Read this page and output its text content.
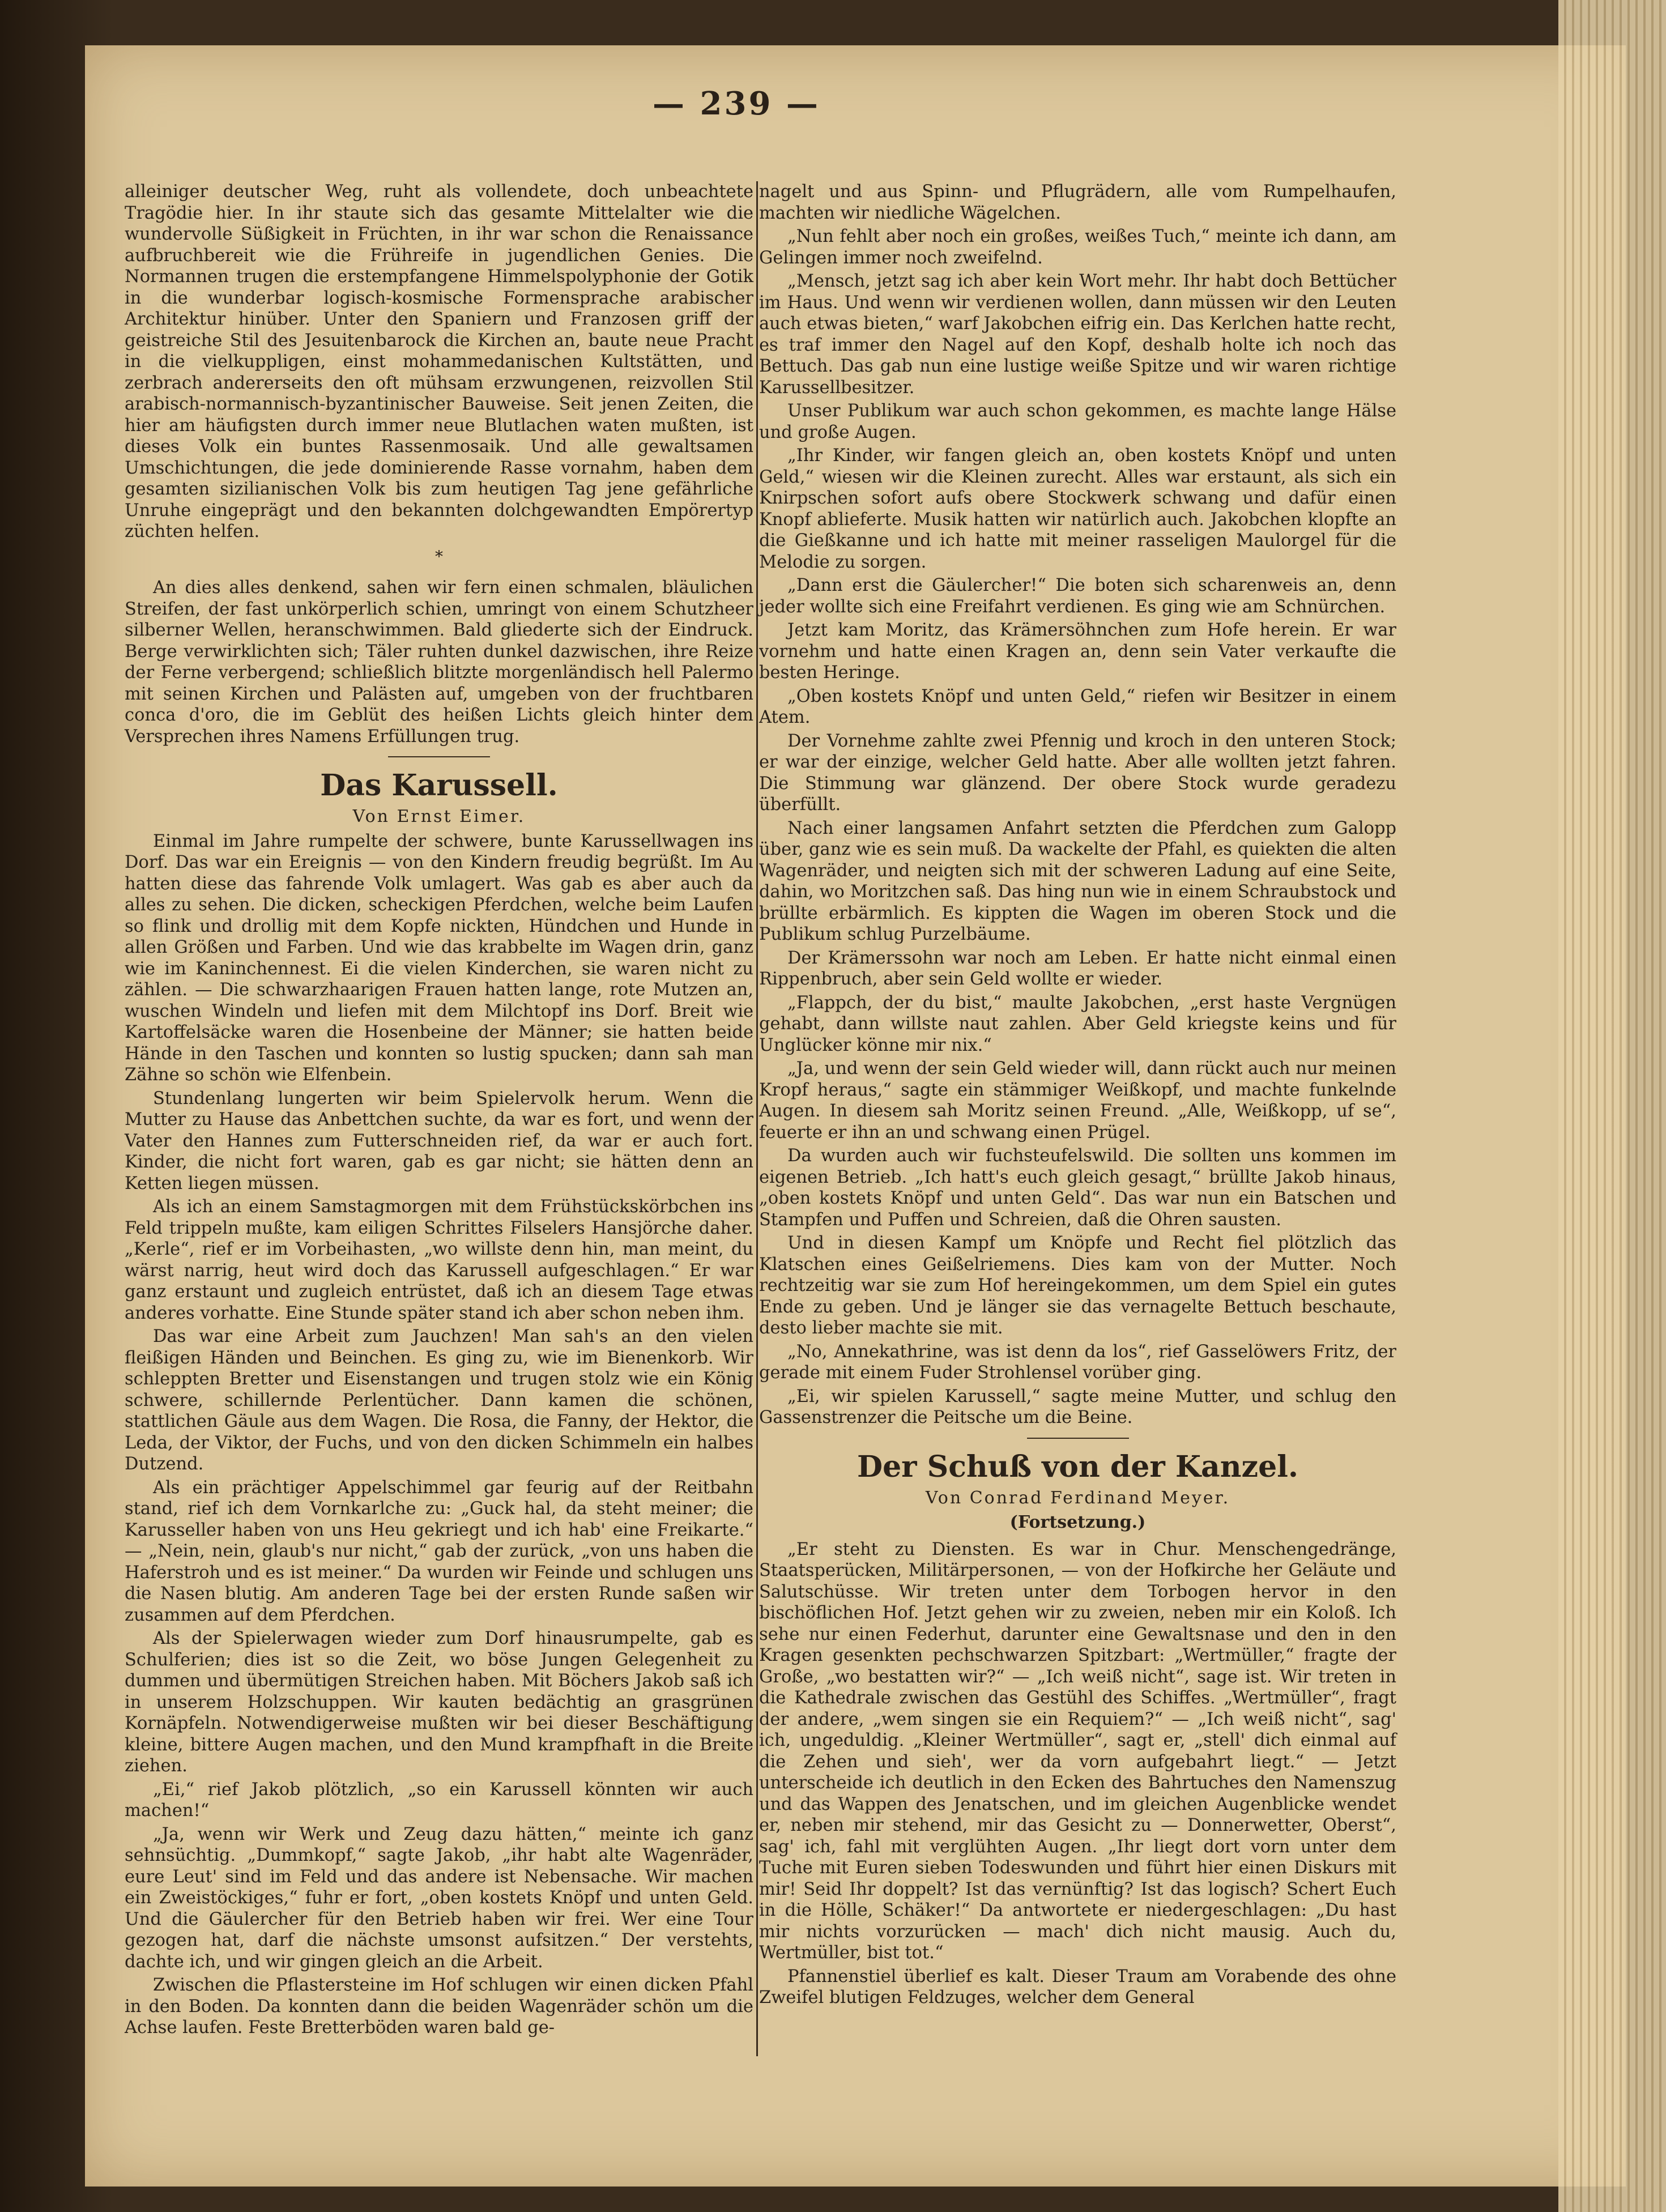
— 239 —

alleiniger deutscher Weg, ruht als vollendete, doch unbeachtete Tragödie hier. In ihr staute sich das gesamte Mittelalter wie die wundervolle Süßigkeit in Früchten, in ihr war schon die Renaissance aufbruchbereit wie die Frühreife in jugendlichen Genies. Die Normannen trugen die erstempfangene Himmelspolyphonie der Gotik in die wunderbar logisch-kosmische Formensprache arabischer Architektur hinüber. Unter den Spaniern und Franzosen griff der geistreiche Stil des Jesuitenbarock die Kirchen an, baute neue Pracht in die vielkuppligen, einst mohammedanischen Kultstätten, und zerbrach andererseits den oft mühsam erzwungenen, reizvollen Stil arabisch-normannisch-byzantinischer Bauweise. Seit jenen Zeiten, die hier am häufigsten durch immer neue Blutlachen waten mußten, ist dieses Volk ein buntes Rassenmosaik. Und alle gewaltsamen Umschichtungen, die jede dominierende Rasse vornahm, haben dem gesamten sizilianischen Volk bis zum heutigen Tag jene gefährliche Unruhe eingeprägt und den bekannten dolchgewandten Empörertyp züchten helfen.

*

An dies alles denkend, sahen wir fern einen schmalen, bläulichen Streifen, der fast unkörperlich schien, umringt von einem Schutzheer silberner Wellen, heranschwimmen. Bald gliederte sich der Eindruck. Berge verwirklichten sich; Täler ruhten dunkel dazwischen, ihre Reize der Ferne verbergend; schließlich blitzte morgenländisch hell Palermo mit seinen Kirchen und Palästen auf, umgeben von der fruchtbaren conca d'oro, die im Geblüt des heißen Lichts gleich hinter dem Versprechen ihres Namens Erfüllungen trug.

Das Karussell.
Von Ernst Eimer.

Einmal im Jahre rumpelte der schwere, bunte Karussellwagen ins Dorf. Das war ein Ereignis — von den Kindern freudig begrüßt. Im Au hatten diese das fahrende Volk umlagert. Was gab es aber auch da alles zu sehen. Die dicken, scheckigen Pferdchen, welche beim Laufen so flink und drollig mit dem Kopfe nickten, Hündchen und Hunde in allen Größen und Farben. Und wie das krabbelte im Wagen drin, ganz wie im Kaninchennest. Ei die vielen Kinderchen, sie waren nicht zu zählen. — Die schwarzhaarigen Frauen hatten lange, rote Mutzen an, wuschen Windeln und liefen mit dem Milchtopf ins Dorf. Breit wie Kartoffelsäcke waren die Hosenbeine der Männer; sie hatten beide Hände in den Taschen und konnten so lustig spucken; dann sah man Zähne so schön wie Elfenbein.

Stundenlang lungerten wir beim Spielervolk herum. Wenn die Mutter zu Hause das Anbettchen suchte, da war es fort, und wenn der Vater den Hannes zum Futterschneiden rief, da war er auch fort. Kinder, die nicht fort waren, gab es gar nicht; sie hätten denn an Ketten liegen müssen.

Als ich an einem Samstagmorgen mit dem Frühstückskörbchen ins Feld trippeln mußte, kam eiligen Schrittes Filselers Hansjörche daher. „Kerle“, rief er im Vorbeihasten, „wo willste denn hin, man meint, du wärst narrig, heut wird doch das Karussell aufgeschlagen.“ Er war ganz erstaunt und zugleich entrüstet, daß ich an diesem Tage etwas anderes vorhatte. Eine Stunde später stand ich aber schon neben ihm.

Das war eine Arbeit zum Jauchzen! Man sah's an den vielen fleißigen Händen und Beinchen. Es ging zu, wie im Bienenkorb. Wir schleppten Bretter und Eisenstangen und trugen stolz wie ein König schwere, schillernde Perlentücher. Dann kamen die schönen, stattlichen Gäule aus dem Wagen. Die Rosa, die Fanny, der Hektor, die Leda, der Viktor, der Fuchs, und von den dicken Schimmeln ein halbes Dutzend.

Als ein prächtiger Appelschimmel gar feurig auf der Reitbahn stand, rief ich dem Vornkarlche zu: „Guck hal, da steht meiner; die Karusseller haben von uns Heu gekriegt und ich hab' eine Freikarte.“ — „Nein, nein, glaub's nur nicht,“ gab der zurück, „von uns haben die Haferstroh und es ist meiner.“ Da wurden wir Feinde und schlugen uns die Nasen blutig. Am anderen Tage bei der ersten Runde saßen wir zusammen auf dem Pferdchen.

Als der Spielerwagen wieder zum Dorf hinausrumpelte, gab es Schulferien; dies ist so die Zeit, wo böse Jungen Gelegenheit zu dummen und übermütigen Streichen haben. Mit Böchers Jakob saß ich in unserem Holzschuppen. Wir kauten bedächtig an grasgrünen Kornäpfeln. Notwendigerweise mußten wir bei dieser Beschäftigung kleine, bittere Augen machen, und den Mund krampfhaft in die Breite ziehen.

„Ei,“ rief Jakob plötzlich, „so ein Karussell könnten wir auch machen!“

„Ja, wenn wir Werk und Zeug dazu hätten,“ meinte ich ganz sehnsüchtig. „Dummkopf,“ sagte Jakob, „ihr habt alte Wagenräder, eure Leut' sind im Feld und das andere ist Nebensache. Wir machen ein Zweistöckiges,“ fuhr er fort, „oben kostets Knöpf und unten Geld. Und die Gäulercher für den Betrieb haben wir frei. Wer eine Tour gezogen hat, darf die nächste umsonst aufsitzen.“ Der verstehts, dachte ich, und wir gingen gleich an die Arbeit.

Zwischen die Pflastersteine im Hof schlugen wir einen dicken Pfahl in den Boden. Da konnten dann die beiden Wagenräder schön um die Achse laufen. Feste Bretterböden waren bald ge-

nagelt und aus Spinn- und Pflugrädern, alle vom Rumpelhaufen, machten wir niedliche Wägelchen.

„Nun fehlt aber noch ein großes, weißes Tuch,“ meinte ich dann, am Gelingen immer noch zweifelnd.

„Mensch, jetzt sag ich aber kein Wort mehr. Ihr habt doch Bettücher im Haus. Und wenn wir verdienen wollen, dann müssen wir den Leuten auch etwas bieten,“ warf Jakobchen eifrig ein. Das Kerlchen hatte recht, es traf immer den Nagel auf den Kopf, deshalb holte ich noch das Bettuch. Das gab nun eine lustige weiße Spitze und wir waren richtige Karussellbesitzer.

Unser Publikum war auch schon gekommen, es machte lange Hälse und große Augen.

„Ihr Kinder, wir fangen gleich an, oben kostets Knöpf und unten Geld,“ wiesen wir die Kleinen zurecht. Alles war erstaunt, als sich ein Knirpschen sofort aufs obere Stockwerk schwang und dafür einen Knopf ablieferte. Musik hatten wir natürlich auch. Jakobchen klopfte an die Gießkanne und ich hatte mit meiner rasseligen Maulorgel für die Melodie zu sorgen.

„Dann erst die Gäulercher!“ Die boten sich scharenweis an, denn jeder wollte sich eine Freifahrt verdienen. Es ging wie am Schnürchen.

Jetzt kam Moritz, das Krämersöhnchen zum Hofe herein. Er war vornehm und hatte einen Kragen an, denn sein Vater verkaufte die besten Heringe.

„Oben kostets Knöpf und unten Geld,“ riefen wir Besitzer in einem Atem.

Der Vornehme zahlte zwei Pfennig und kroch in den unteren Stock; er war der einzige, welcher Geld hatte. Aber alle wollten jetzt fahren. Die Stimmung war glänzend. Der obere Stock wurde geradezu überfüllt.

Nach einer langsamen Anfahrt setzten die Pferdchen zum Galopp über, ganz wie es sein muß. Da wackelte der Pfahl, es quiekten die alten Wagenräder, und neigten sich mit der schweren Ladung auf eine Seite, dahin, wo Moritzchen saß. Das hing nun wie in einem Schraubstock und brüllte erbärmlich. Es kippten die Wagen im oberen Stock und die Publikum schlug Purzelbäume.

Der Krämerssohn war noch am Leben. Er hatte nicht einmal einen Rippenbruch, aber sein Geld wollte er wieder.

„Flappch, der du bist,“ maulte Jakobchen, „erst haste Vergnügen gehabt, dann willste naut zahlen. Aber Geld kriegste keins und für Unglücker könne mir nix.“

„Ja, und wenn der sein Geld wieder will, dann rückt auch nur meinen Kropf heraus,“ sagte ein stämmiger Weißkopf, und machte funkelnde Augen. In diesem sah Moritz seinen Freund. „Alle, Weißkopp, uf se“, feuerte er ihn an und schwang einen Prügel.

Da wurden auch wir fuchsteufelswild. Die sollten uns kommen im eigenen Betrieb. „Ich hatt's euch gleich gesagt,“ brüllte Jakob hinaus, „oben kostets Knöpf und unten Geld“. Das war nun ein Batschen und Stampfen und Puffen und Schreien, daß die Ohren sausten.

Und in diesen Kampf um Knöpfe und Recht fiel plötzlich das Klatschen eines Geißelriemens. Dies kam von der Mutter. Noch rechtzeitig war sie zum Hof hereingekommen, um dem Spiel ein gutes Ende zu geben. Und je länger sie das vernagelte Bettuch beschaute, desto lieber machte sie mit.

„No, Annekathrine, was ist denn da los“, rief Gasselöwers Fritz, der gerade mit einem Fuder Strohlensel vorüber ging.

„Ei, wir spielen Karussell,“ sagte meine Mutter, und schlug den Gassenstrenzer die Peitsche um die Beine.

Der Schuß von der Kanzel.
Von Conrad Ferdinand Meyer.
(Fortsetzung.)

„Er steht zu Diensten. Es war in Chur. Menschengedränge, Staatsperücken, Militärpersonen, — von der Hofkirche her Geläute und Salutschüsse. Wir treten unter dem Torbogen hervor in den bischöflichen Hof. Jetzt gehen wir zu zweien, neben mir ein Koloß. Ich sehe nur einen Federhut, darunter eine Gewaltsnase und den in den Kragen gesenkten pechschwarzen Spitzbart: „Wertmüller,“ fragte der Große, „wo bestatten wir?“ — „Ich weiß nicht“, sage ist. Wir treten in die Kathedrale zwischen das Gestühl des Schiffes. „Wertmüller“, fragt der andere, „wem singen sie ein Requiem?“ — „Ich weiß nicht“, sag' ich, ungeduldig. „Kleiner Wertmüller“, sagt er, „stell' dich einmal auf die Zehen und sieh', wer da vorn aufgebahrt liegt.“ — Jetzt unterscheide ich deutlich in den Ecken des Bahrtuches den Namenszug und das Wappen des Jenatschen, und im gleichen Augenblicke wendet er, neben mir stehend, mir das Gesicht zu — Donnerwetter, Oberst“, sag' ich, fahl mit verglühten Augen. „Ihr liegt dort vorn unter dem Tuche mit Euren sieben Todeswunden und führt hier einen Diskurs mit mir! Seid Ihr doppelt? Ist das vernünftig? Ist das logisch? Schert Euch in die Hölle, Schäker!“ Da antwortete er niedergeschlagen: „Du hast mir nichts vorzurücken — mach' dich nicht mausig. Auch du, Wertmüller, bist tot.“

Pfannenstiel überlief es kalt. Dieser Traum am Vorabende des ohne Zweifel blutigen Feldzuges, welcher dem General
